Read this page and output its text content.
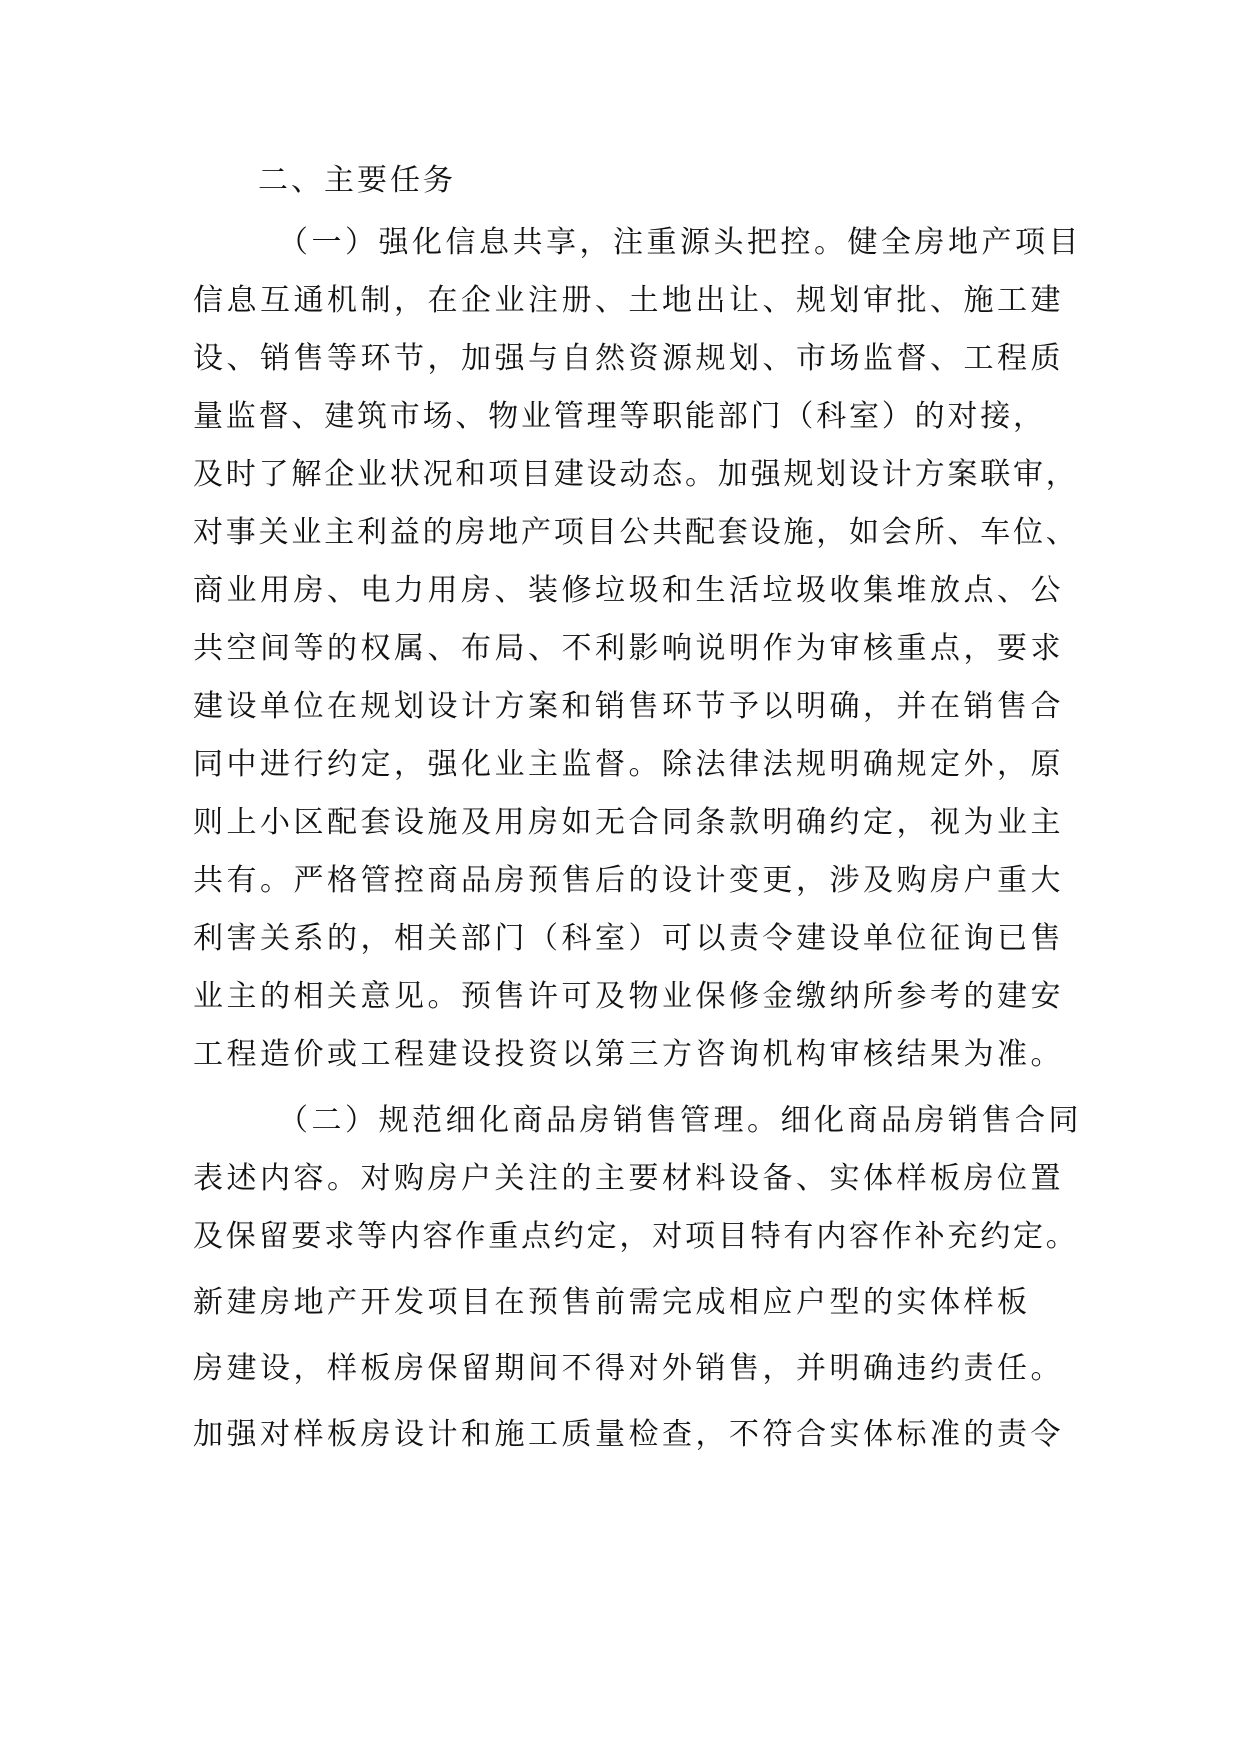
二、主要任务
（一）强化信息共享，注重源头把控。健全房地产项目
信息互通机制，在企业注册、土地出让、规划审批、施工建
设、销售等环节，加强与自然资源规划、市场监督、工程质
量监督、建筑市场、物业管理等职能部门（科室）的对接，
及时了解企业状况和项目建设动态。加强规划设计方案联审，
对事关业主利益的房地产项目公共配套设施，如会所、车位、
商业用房、电力用房、装修垃圾和生活垃圾收集堆放点、公
共空间等的权属、布局、不利影响说明作为审核重点，要求
建设单位在规划设计方案和销售环节予以明确，并在销售合
同中进行约定，强化业主监督。除法律法规明确规定外，原
则上小区配套设施及用房如无合同条款明确约定，视为业主
共有。严格管控商品房预售后的设计变更，涉及购房户重大
利害关系的，相关部门（科室）可以责令建设单位征询已售
业主的相关意见。预售许可及物业保修金缴纳所参考的建安
工程造价或工程建设投资以第三方咨询机构审核结果为准。
（二）规范细化商品房销售管理。细化商品房销售合同
表述内容。对购房户关注的主要材料设备、实体样板房位置
及保留要求等内容作重点约定，对项目特有内容作补充约定。
新建房地产开发项目在预售前需完成相应户型的实体样板
房建设，样板房保留期间不得对外销售，并明确违约责任。
加强对样板房设计和施工质量检查，不符合实体标准的责令
